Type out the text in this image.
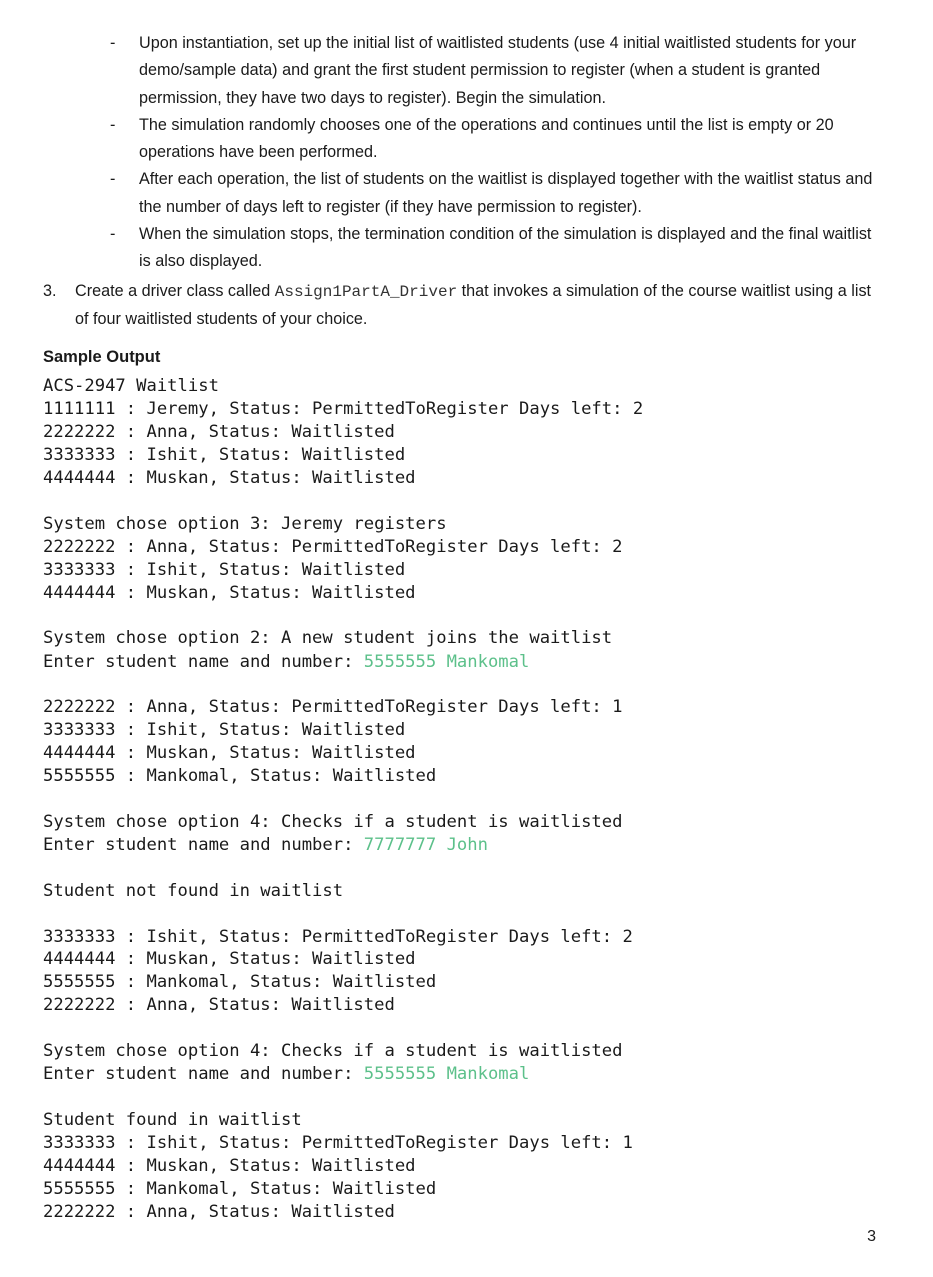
- Upon instantiation, set up the initial list of waitlisted students (use 4 initial waitlisted students for your demo/sample data) and grant the first student permission to register (when a student is granted permission, they have two days to register). Begin the simulation.
- The simulation randomly chooses one of the operations and continues until the list is empty or 20 operations have been performed.
- After each operation, the list of students on the waitlist is displayed together with the waitlist status and the number of days left to register (if they have permission to register).
- When the simulation stops, the termination condition of the simulation is displayed and the final waitlist is also displayed.
3.	Create a driver class called Assign1PartA_Driver that invokes a simulation of the course waitlist using a list of four waitlisted students of your choice.
Sample Output
ACS-2947 Waitlist
1111111 : Jeremy, Status: PermittedToRegister Days left: 2
2222222 : Anna, Status: Waitlisted
3333333 : Ishit, Status: Waitlisted
4444444 : Muskan, Status: Waitlisted
System chose option 3: Jeremy registers
2222222 : Anna, Status: PermittedToRegister Days left: 2
3333333 : Ishit, Status: Waitlisted
4444444 : Muskan, Status: Waitlisted
System chose option 2: A new student joins the waitlist
Enter student name and number: 5555555 Mankomal
2222222 : Anna, Status: PermittedToRegister Days left: 1
3333333 : Ishit, Status: Waitlisted
4444444 : Muskan, Status: Waitlisted
5555555 : Mankomal, Status: Waitlisted
System chose option 4: Checks if a student is waitlisted
Enter student name and number: 7777777 John
Student not found in waitlist
3333333 : Ishit, Status: PermittedToRegister Days left: 2
4444444 : Muskan, Status: Waitlisted
5555555 : Mankomal, Status: Waitlisted
2222222 : Anna, Status: Waitlisted
System chose option 4: Checks if a student is waitlisted
Enter student name and number: 5555555 Mankomal
Student found in waitlist
3333333 : Ishit, Status: PermittedToRegister Days left: 1
4444444 : Muskan, Status: Waitlisted
5555555 : Mankomal, Status: Waitlisted
2222222 : Anna, Status: Waitlisted
3
